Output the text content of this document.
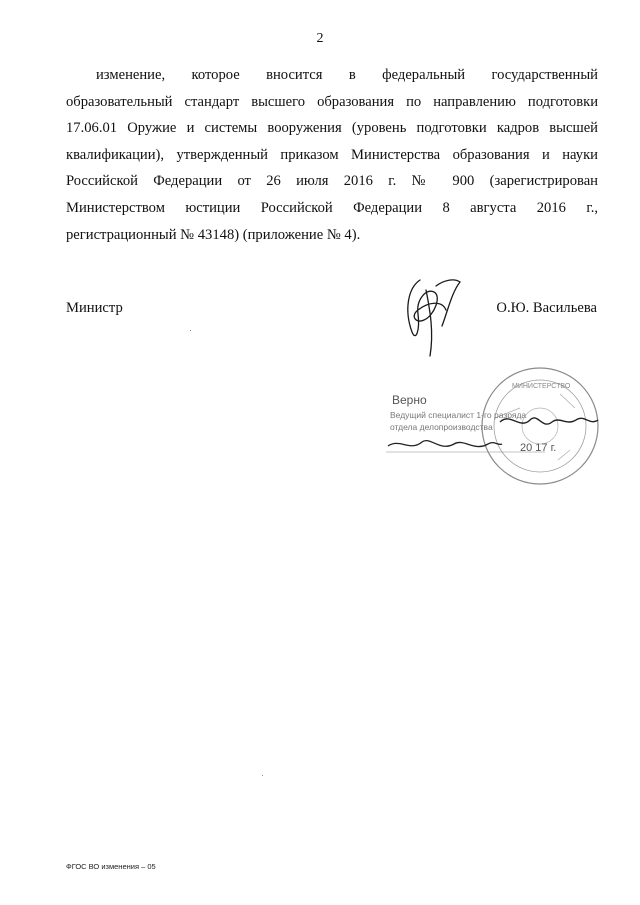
2
изменение, которое вносится в федеральный государственный
образовательный стандарт высшего образования по направлению подготовки
17.06.01 Оружие и системы вооружения (уровень подготовки кадров высшей
квалификации), утвержденный приказом Министерства образования и науки
Российской Федерации от 26 июля 2016 г. № 900 (зарегистрирован
Министерством юстиции Российской Федерации 8 августа 2016 г.,
регистрационный № 43148) (приложение № 4).
Министр	О.Ю. Васильева
МИНИСТЕРСТВО
Верно
Ведущий специалист 1-го разряда
отдела делопроизводства
20 17 г.
ФГОС ВО изменения – 05
